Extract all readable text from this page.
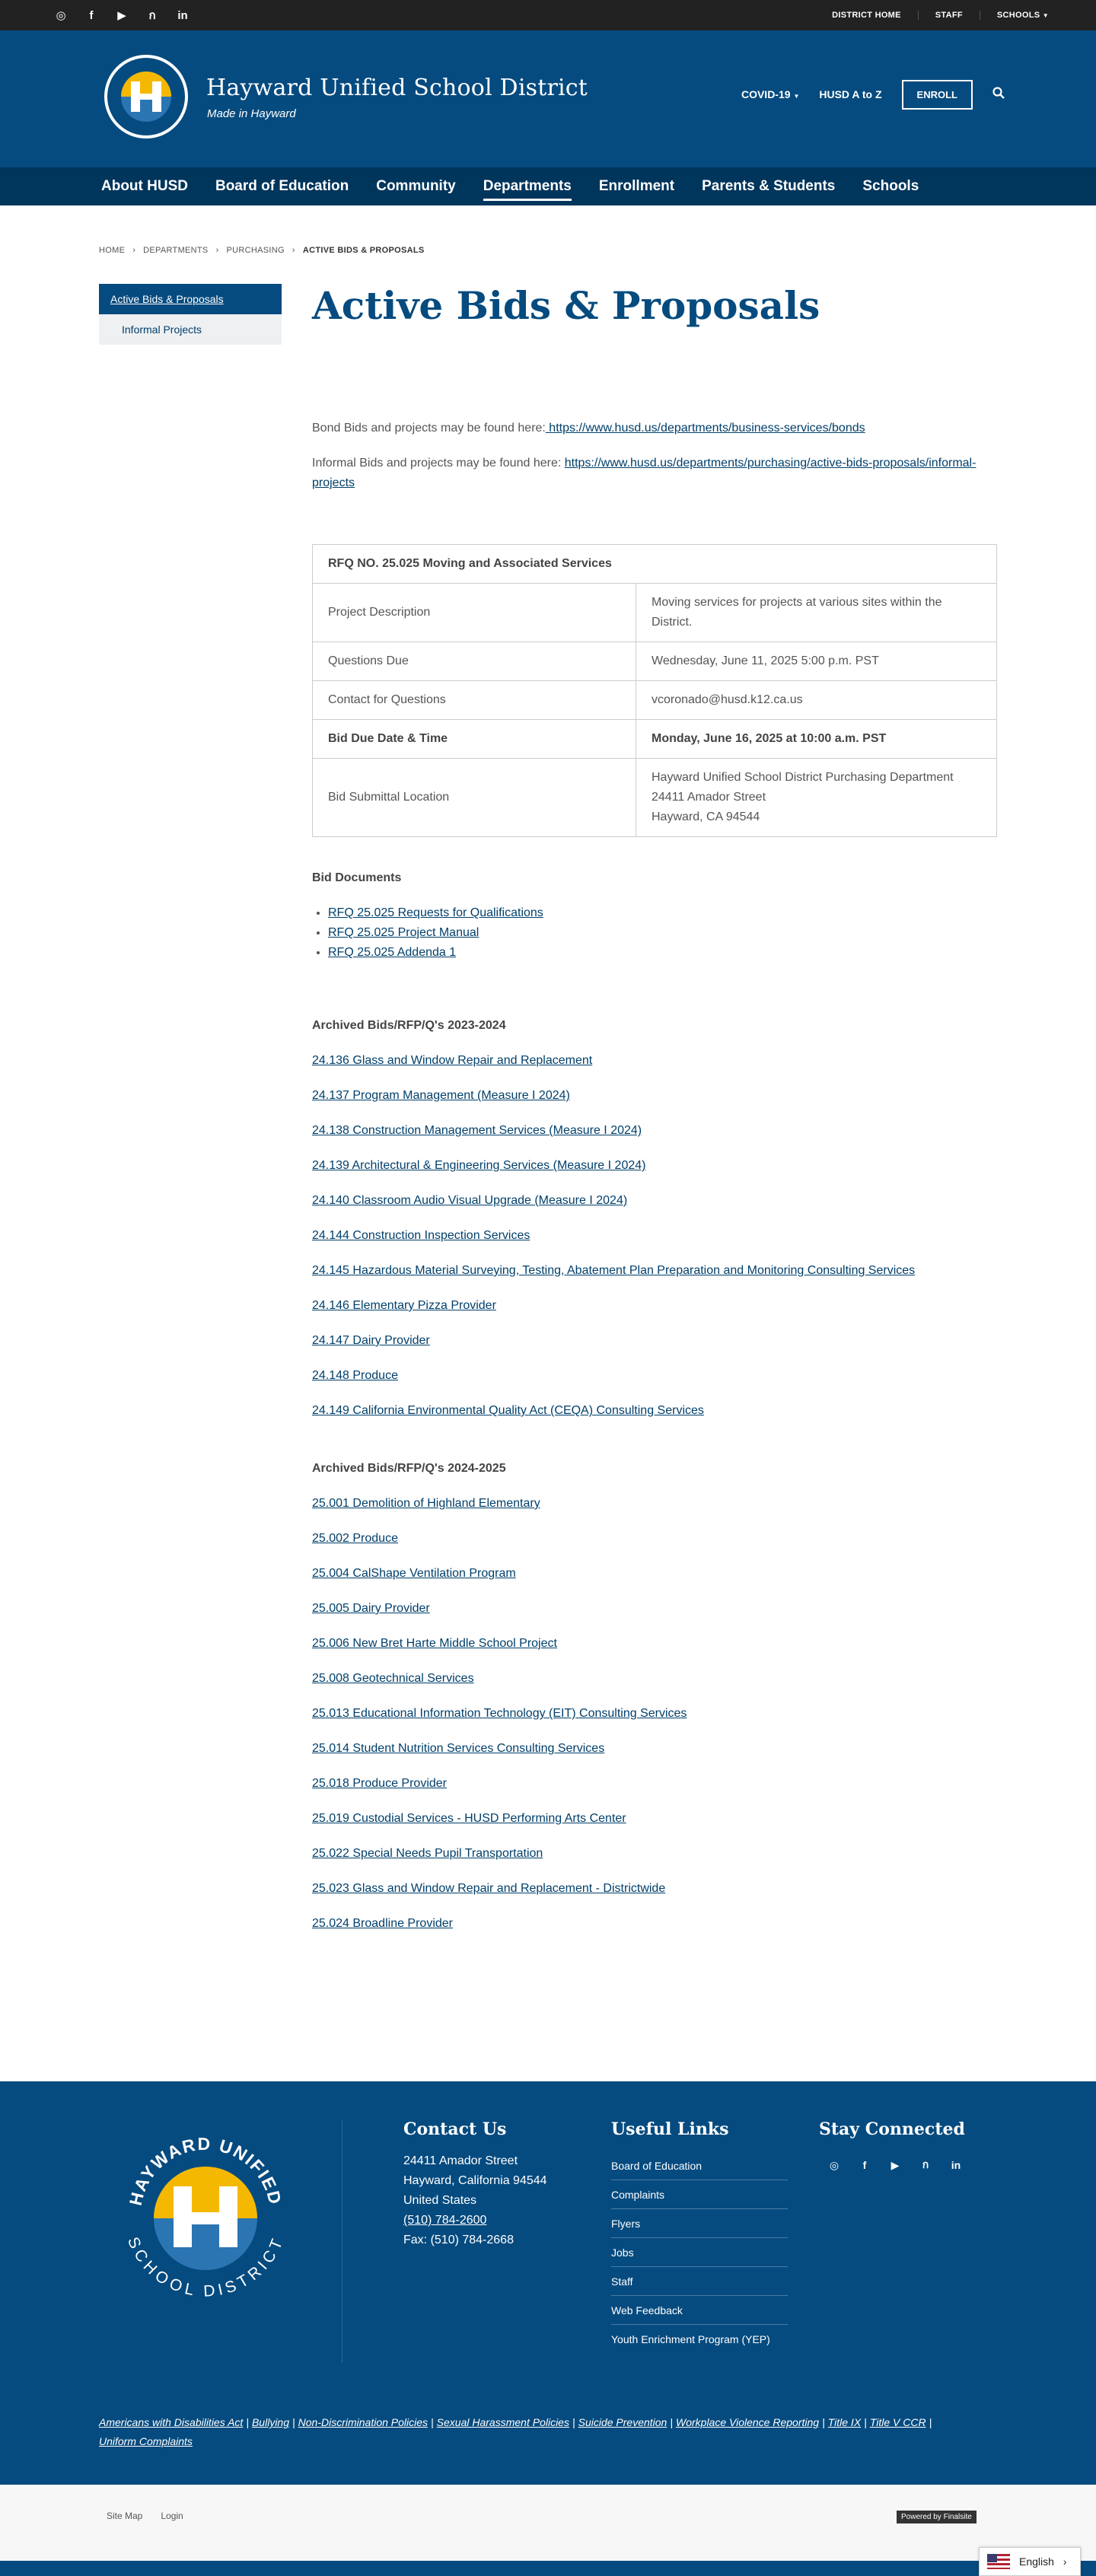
◎	f	▶	ก	in	DISTRICT HOME	STAFF	SCHOOLS ▼
Hayward Unified School District
Made in Hayward
COVID-19 ▼ HUSD A to Z	ENROLL
About HUSD	Board of Education	Community	Departments	Enrollment	Parents & Students	Schools
HOME › DEPARTMENTS › PURCHASING › ACTIVE BIDS & PROPOSALS
Active Bids & Proposals
Informal Projects
Active Bids & Proposals

Bond Bids and projects may be found here: https://www.husd.us/departments/business-services/bonds

Informal Bids and projects may be found here: https://www.husd.us/departments/purchasing/active-bids-proposals/informal-projects

RFQ NO. 25.025 Moving and Associated Services	
Project Description	Moving services for projects at various sites within the District.
Questions Due	Wednesday, June 11, 2025 5:00 p.m. PST
Contact for Questions	vcoronado@husd.k12.ca.us
Bid Due Date & Time	Monday, June 16, 2025 at 10:00 a.m. PST
Bid Submittal Location	Hayward Unified School District Purchasing Department
24411 Amador Street
Hayward, CA 94544
Bid Documents
• RFQ 25.025 Requests for Qualifications
• RFQ 25.025 Project Manual
• RFQ 25.025 Addenda 1
Archived Bids/RFP/Q's 2023-2024
24.136 Glass and Window Repair and Replacement
24.137 Program Management (Measure I 2024)
24.138 Construction Management Services (Measure I 2024)
24.139 Architectural & Engineering Services (Measure I 2024)
24.140 Classroom Audio Visual Upgrade (Measure I 2024)
24.144 Construction Inspection Services
24.145 Hazardous Material Surveying, Testing, Abatement Plan Preparation and Monitoring Consulting Services
24.146 Elementary Pizza Provider
24.147 Dairy Provider
24.148 Produce
24.149 California Environmental Quality Act (CEQA) Consulting Services
Archived Bids/RFP/Q's 2024-2025
25.001 Demolition of Highland Elementary
25.002 Produce
25.004 CalShape Ventilation Program
25.005 Dairy Provider
25.006 New Bret Harte Middle School Project
25.008 Geotechnical Services
25.013 Educational Information Technology (EIT) Consulting Services
25.014 Student Nutrition Services Consulting Services
25.018 Produce Provider
25.019 Custodial Services - HUSD Performing Arts Center
25.022 Special Needs Pupil Transportation
25.023 Glass and Window Repair and Replacement - Districtwide
25.024 Broadline Provider
HAYWARD UNIFIED
SCHOOL DISTRICT
Contact Us
24411 Amador Street
Hayward, California 94544
United States
(510) 784-2600
Fax: (510) 784-2668
Useful Links
Board of Education
Complaints
Flyers
Jobs
Staff
Web Feedback
Youth Enrichment Program (YEP)
Stay Connected
◎	f	▶	ก	in
Americans with Disabilities Act | Bullying | Non-Discrimination Policies | Sexual Harassment Policies | Suicide Prevention | Workplace Violence Reporting | Title IX | Title V CCR |
Uniform Complaints
Site Map Login	Powered by Finalsite
English ›
